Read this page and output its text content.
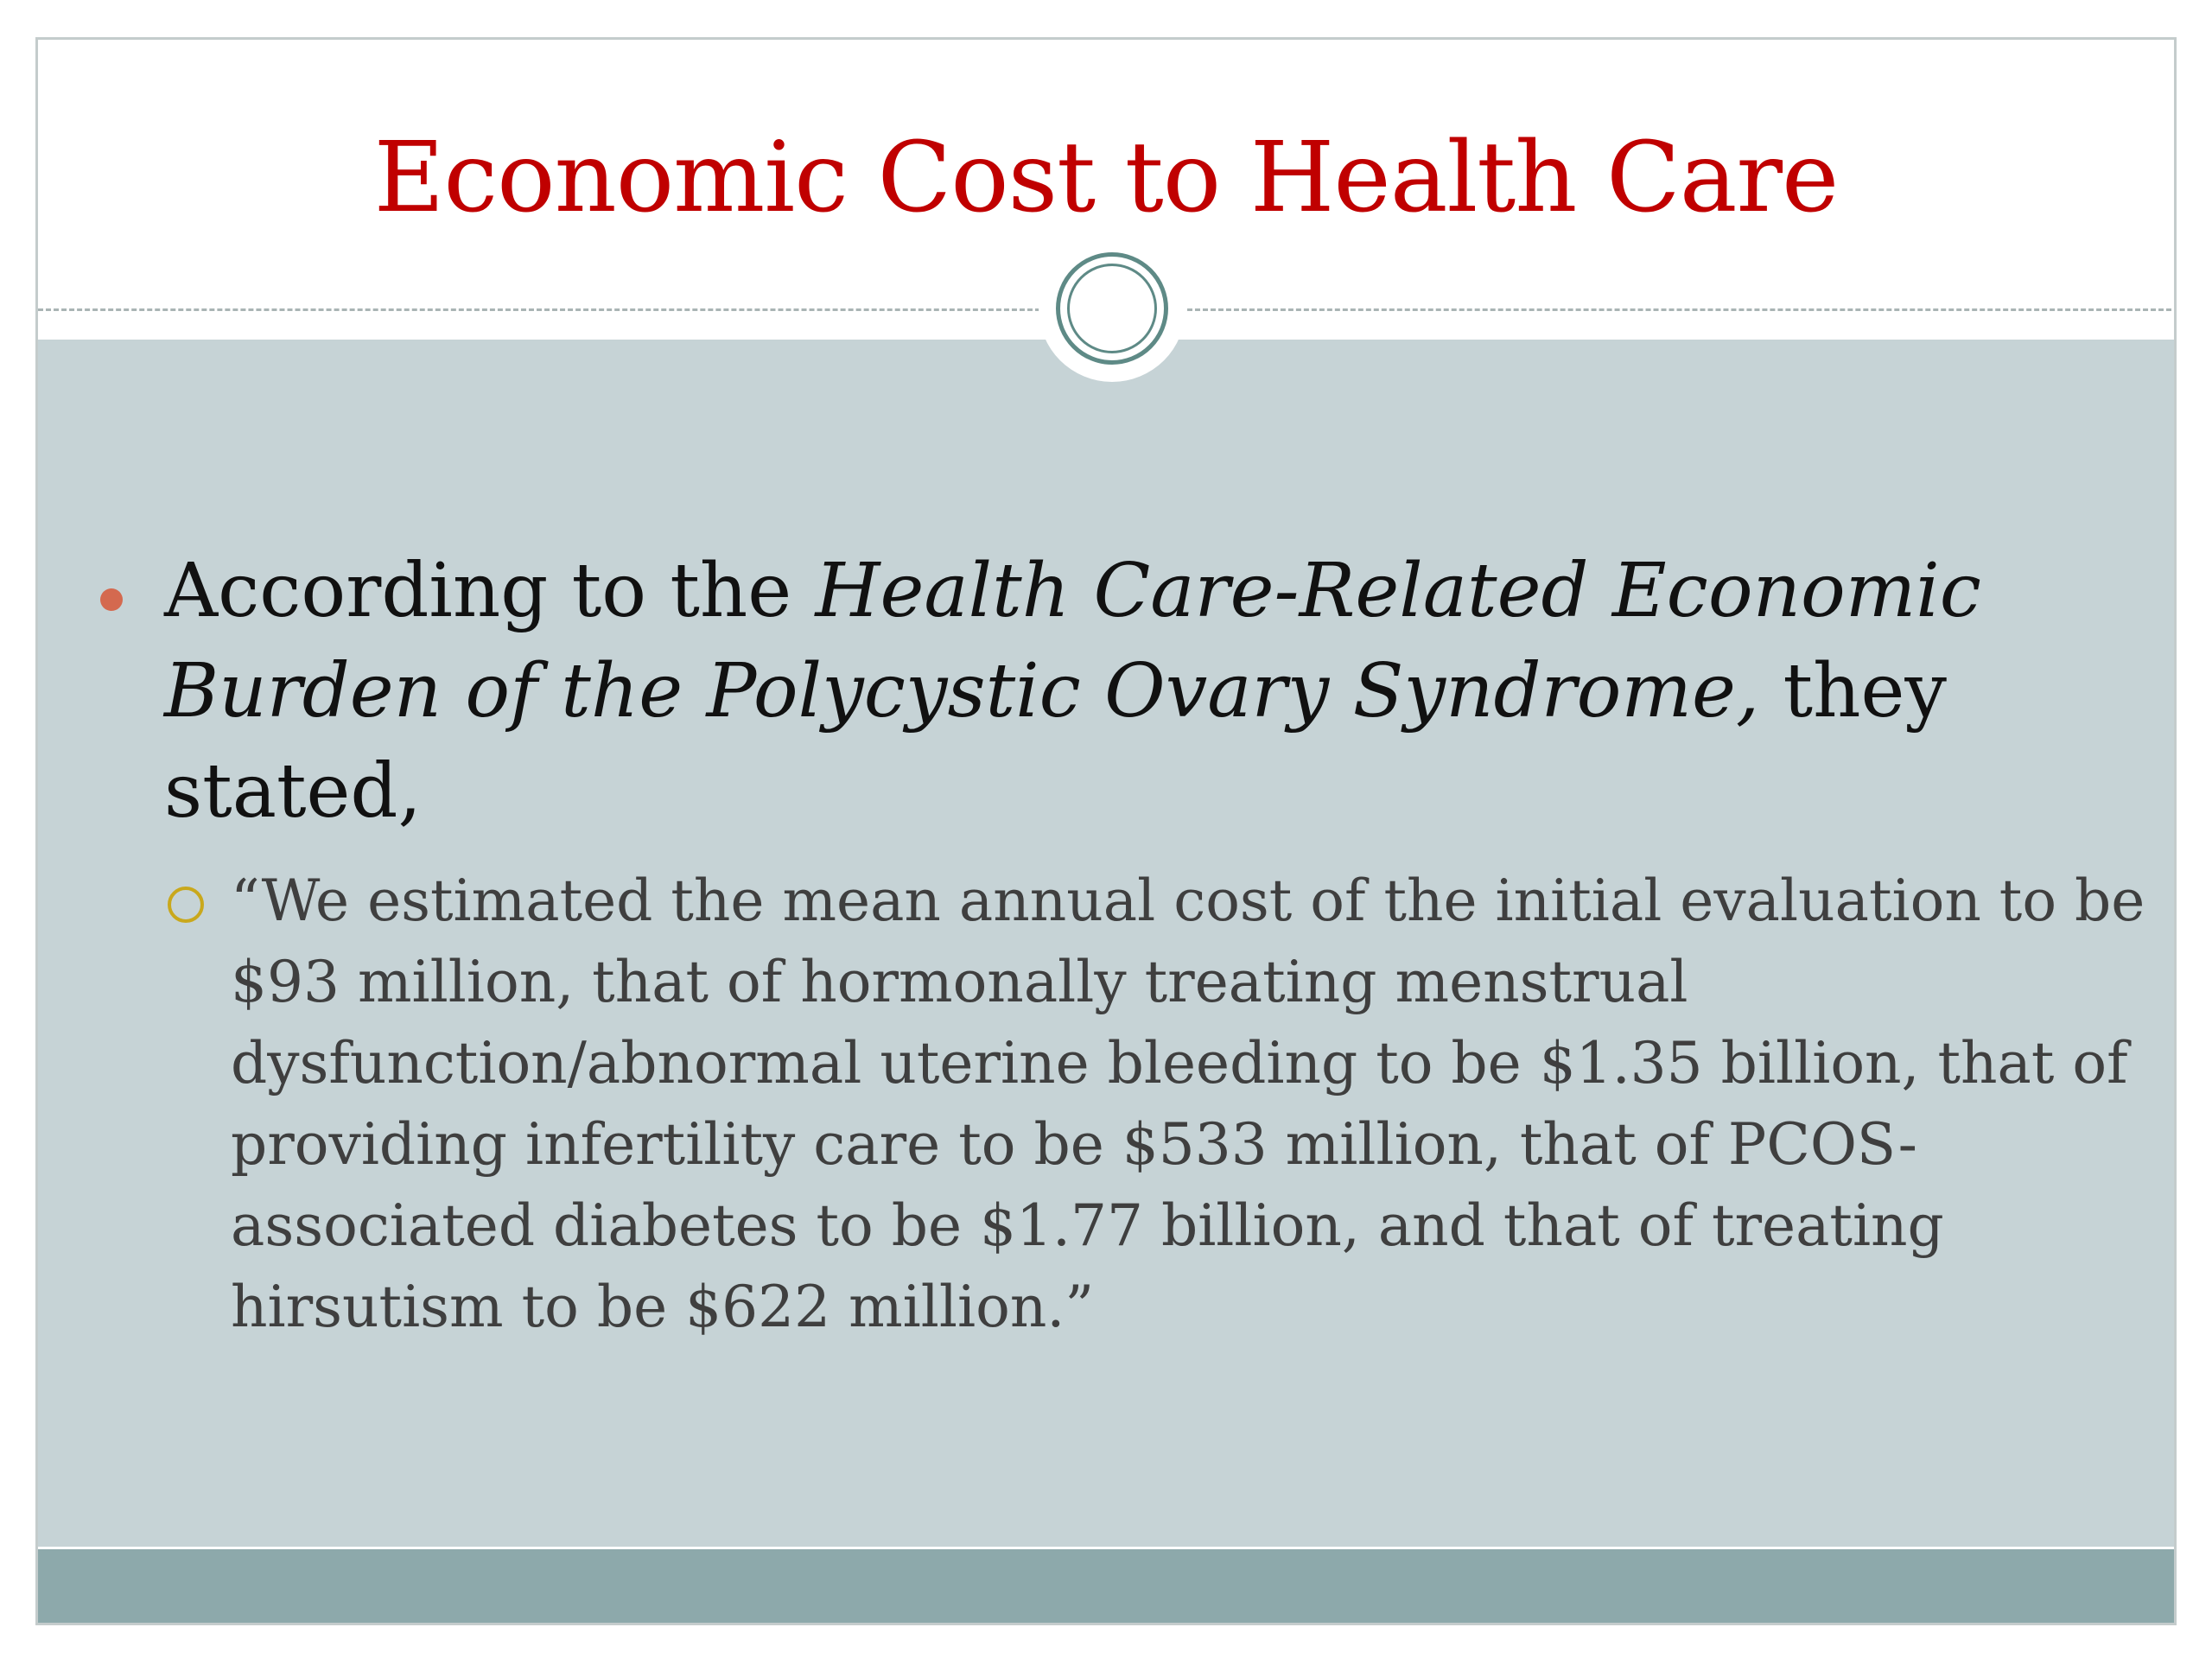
Economic Cost to Health Care

According to the Health Care-Related Economic Burden of the Polycystic Ovary Syndrome, they stated,

“We estimated the mean annual cost of the initial evaluation to be $93 million, that of hormonally treating menstrual dysfunction/abnormal uterine bleeding to be $1.35 billion, that of providing infertility care to be $533 million, that of PCOS-associated diabetes to be $1.77 billion, and that of treating hirsutism to be $622 million.”
